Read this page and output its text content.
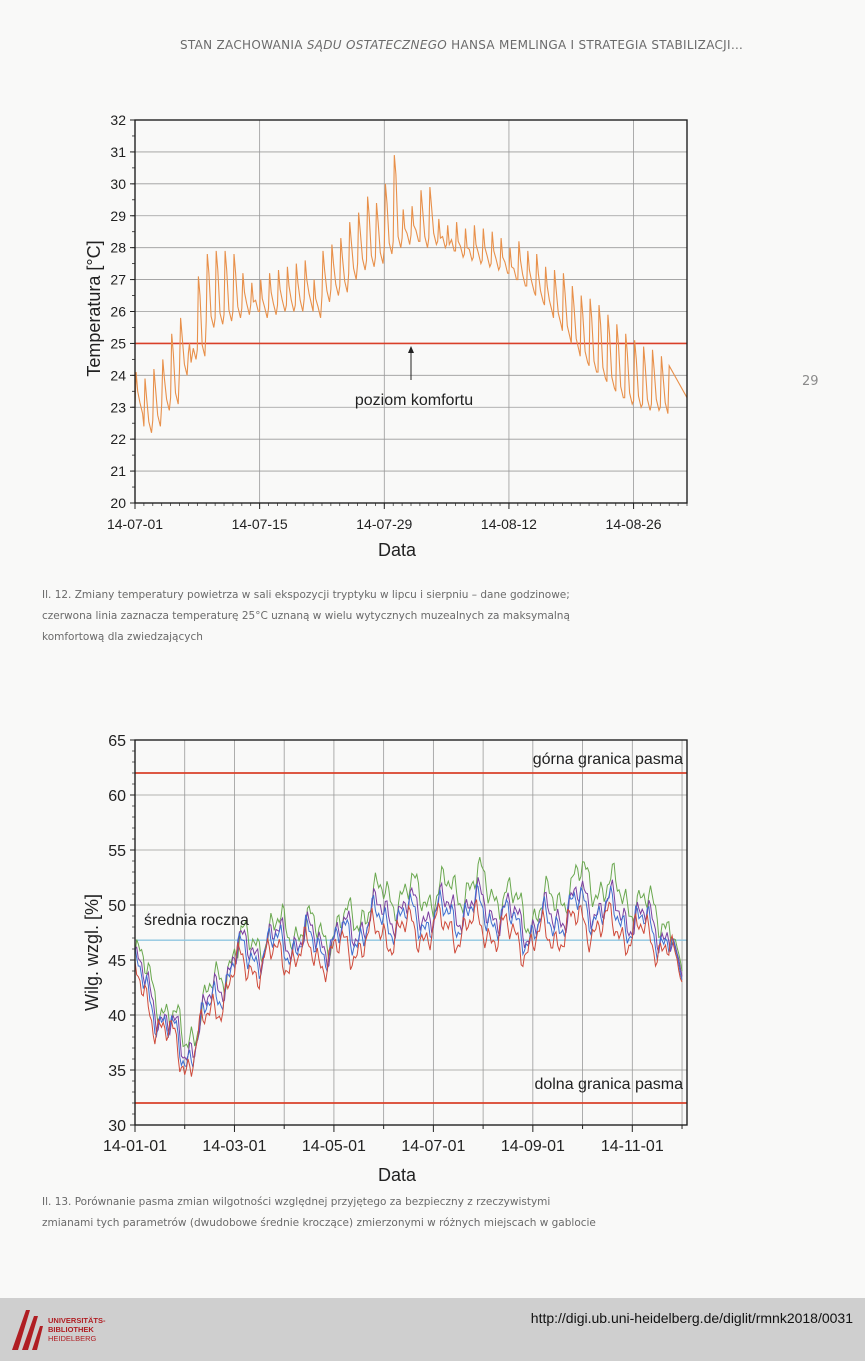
STAN ZACHOWANIA SĄDU OSTATECZNEGO HANSA MEMLINGA I STRATEGIA STABILIZACJI…
29
20
21
22
23
24
25
26
27
28
29
30
31
32
14-07-01	14-07-15	14-07-29	14-08-12	14-08-26
poziom komfortu
Data
Temperatura [°C]
Il. 12. Zmiany temperatury powietrza w sali ekspozycji tryptyku w lipcu i sierpniu – dane godzinowe;
czerwona linia zaznacza temperaturę 25°C uznaną w wielu wytycznych muzealnych za maksymalną
komfortową dla zwiedzających
30
35
40
45
50
55
60
65
14-01-01 14-03-01 14-05-01 14-07-01 14-09-01 14-11-01
górna granica pasma
średnia roczna
dolna granica pasma
Data
Wilg. wzgl. [%]
Il. 13. Porównanie pasma zmian wilgotności względnej przyjętego za bezpieczny z rzeczywistymi
zmianami tych parametrów (dwudobowe średnie kroczące) zmierzonymi w różnych miejscach w gablocie
UNIVERSITÄTS-
BIBLIOTHEK
HEIDELBERG
http://digi.ub.uni-heidelberg.de/diglit/rmnk2018/0031
